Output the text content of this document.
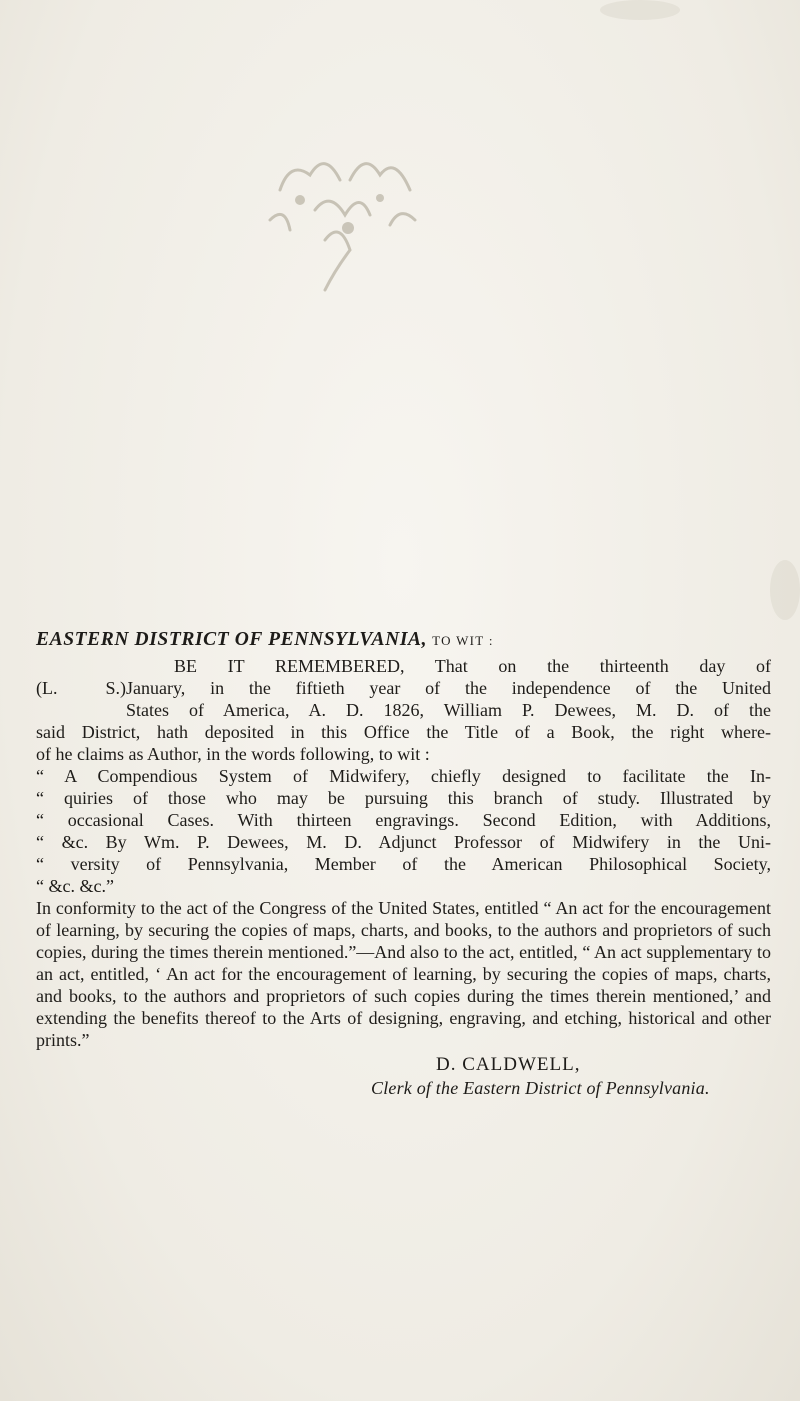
EASTERN DISTRICT OF PENNSYLVANIA, TO WIT :
BE IT REMEMBERED, That on the thirteenth day of
(L. S.) January, in the fiftieth year of the independence of the United
States of America, A. D. 1826, William P. Dewees, M. D. of the
said District, hath deposited in this Office the Title of a Book, the right where-
of he claims as Author, in the words following, to wit :
“ A Compendious System of Midwifery, chiefly designed to facilitate the In-
“ quiries of those who may be pursuing this branch of study. Illustrated by
“ occasional Cases. With thirteen engravings. Second Edition, with Additions,
“ &c. By Wm. P. Dewees, M. D. Adjunct Professor of Midwifery in the Uni-
“ versity of Pennsylvania, Member of the American Philosophical Society,
“ &c. &c.”

In conformity to the act of the Congress of the United States, entitled “ An act for the encouragement of learning, by securing the copies of maps, charts, and books, to the authors and proprietors of such copies, during the times therein mentioned.”—And also to the act, entitled, “ An act supplementary to an act, entitled, ‘ An act for the encouragement of learning, by securing the copies of maps, charts, and books, to the authors and proprietors of such copies during the times therein mentioned,’ and extending the benefits thereof to the Arts of designing, engraving, and etching, historical and other prints.”

D. CALDWELL,
Clerk of the Eastern District of Pennsylvania.
